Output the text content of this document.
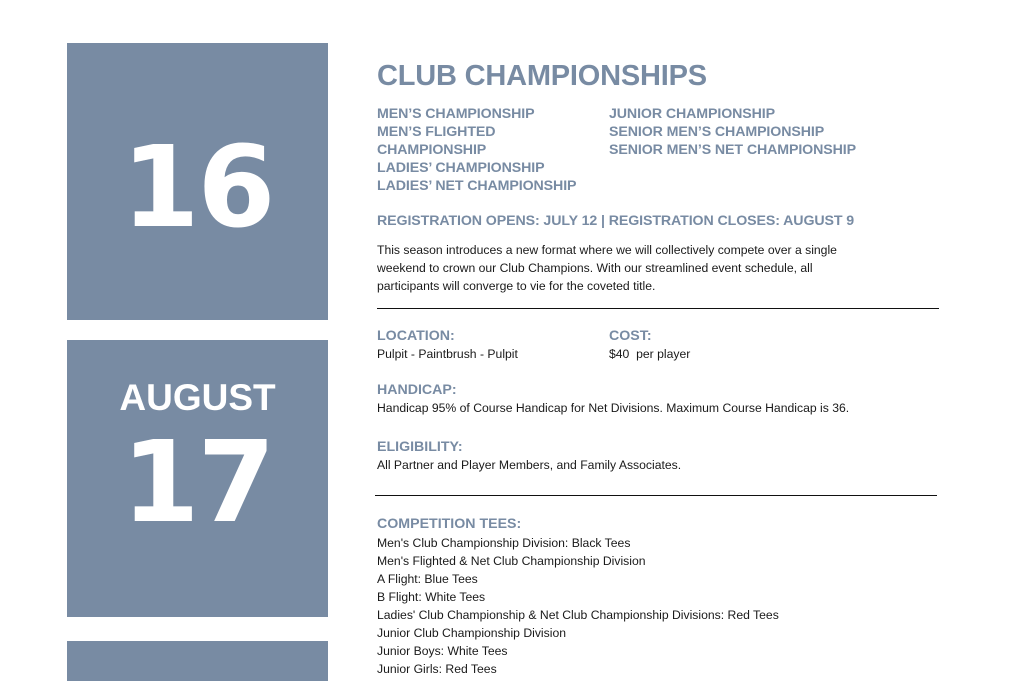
AUGUST
16
AUGUST
17
CLUB CHAMPIONSHIPS
MEN’S CHAMPIONSHIP
MEN’S FLIGHTED CHAMPIONSHIP
LADIES’ CHAMPIONSHIP
LADIES’ NET CHAMPIONSHIP
JUNIOR CHAMPIONSHIP
SENIOR MEN’S CHAMPIONSHIP
SENIOR MEN’S NET CHAMPIONSHIP
REGISTRATION OPENS: JULY 12 | REGISTRATION CLOSES: AUGUST 9

This season introduces a new format where we will collectively compete over a single weekend to crown our Club Champions. With our streamlined event schedule, all participants will converge to vie for the coveted title.

LOCATION:
Pulpit - Paintbrush - Pulpit
COST:
$40  per player
HANDICAP:
Handicap 95% of Course Handicap for Net Divisions. Maximum Course Handicap is 36.
ELIGIBILITY:
All Partner and Player Members, and Family Associates.
COMPETITION TEES:
Men's Club Championship Division: Black Tees
Men's Flighted & Net Club Championship Division
A Flight: Blue Tees
B Flight: White Tees
Ladies' Club Championship & Net Club Championship Divisions: Red Tees
Junior Club Championship Division
Junior Boys: White Tees
Junior Girls: Red Tees
